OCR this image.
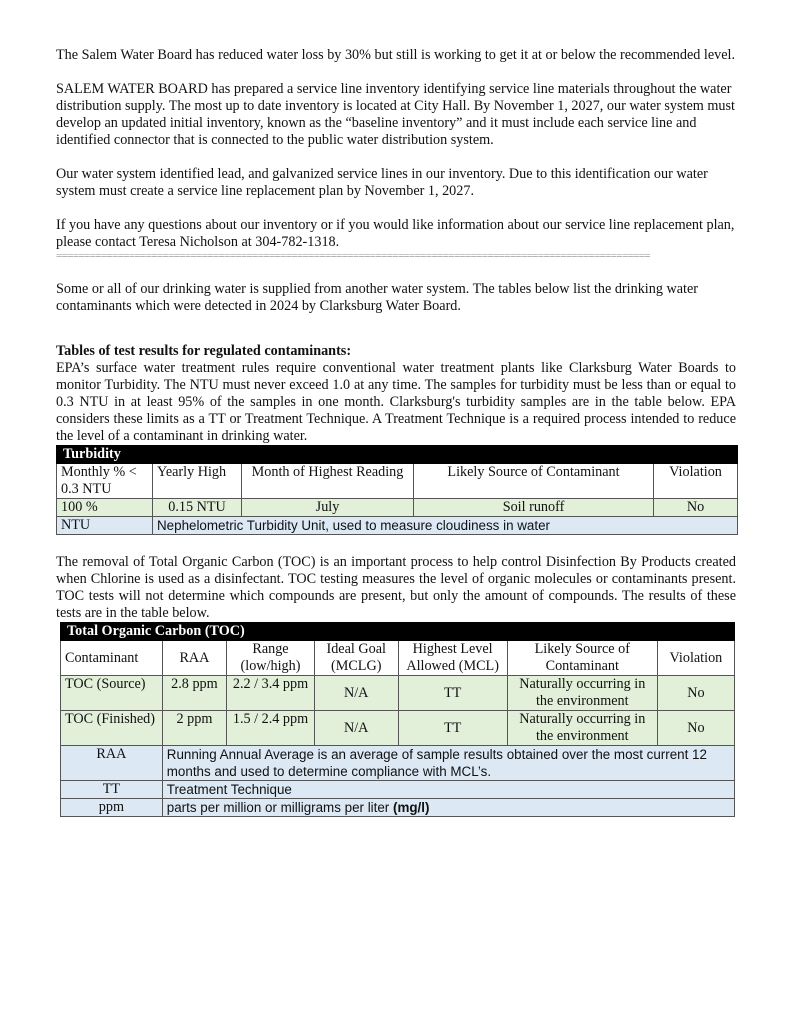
The Salem Water Board has reduced water loss by 30% but still is working to get it at or below the recommended level.

SALEM WATER BOARD has prepared a service line inventory identifying service line materials throughout the water distribution supply. The most up to date inventory is located at City Hall. By November 1, 2027, our water system must develop an updated initial inventory, known as the “baseline inventory” and it must include each service line and identified connector that is connected to the public water distribution system.

Our water system identified lead, and galvanized service lines in our inventory. Due to this identification our water system must create a service line replacement plan by November 1, 2027.

If you have any questions about our inventory or if you would like information about our service line replacement plan, please contact Teresa Nicholson at 304-782-1318.

==========================================================================================================

Some or all of our drinking water is supplied from another water system. The tables below list the drinking water contaminants which were detected in 2024 by Clarksburg Water Board.

Tables of test results for regulated contaminants:

EPA’s surface water treatment rules require conventional water treatment plants like Clarksburg Water Boards to monitor Turbidity. The NTU must never exceed 1.0 at any time. The samples for turbidity must be less than or equal to 0.3 NTU in at least 95% of the samples in one month. Clarksburg's turbidity samples are in the table below. EPA considers these limits as a TT or Treatment Technique. A Treatment Technique is a required process intended to reduce the level of a contaminant in drinking water.

Turbidity				
Monthly % < 0.3 NTU	Yearly High	Month of Highest Reading	Likely Source of Contaminant	Violation
100 %	0.15 NTU	July	Soil runoff	No
NTU	Nephelometric Turbidity Unit, used to measure cloudiness in water			

The removal of Total Organic Carbon (TOC) is an important process to help control Disinfection By Products created when Chlorine is used as a disinfectant. TOC testing measures the level of organic molecules or contaminants present. TOC tests will not determine which compounds are present, but only the amount of compounds. The results of these tests are in the table below.

Total Organic Carbon (TOC)						
Contaminant	RAA	Range (low/high)	Ideal Goal (MCLG)	Highest Level Allowed (MCL)	Likely Source of Contaminant	Violation
TOC (Source)	2.8 ppm	2.2 / 3.4 ppm	N/A	TT	Naturally occurring in the environment	No
TOC (Finished)	2 ppm	1.5 / 2.4 ppm	N/A	TT	Naturally occurring in the environment	No
RAA	Running Annual Average is an average of sample results obtained over the most current 12 months and used to determine compliance with MCL’s.					
TT	Treatment Technique					
ppm	parts per million or milligrams per liter (mg/l)					
